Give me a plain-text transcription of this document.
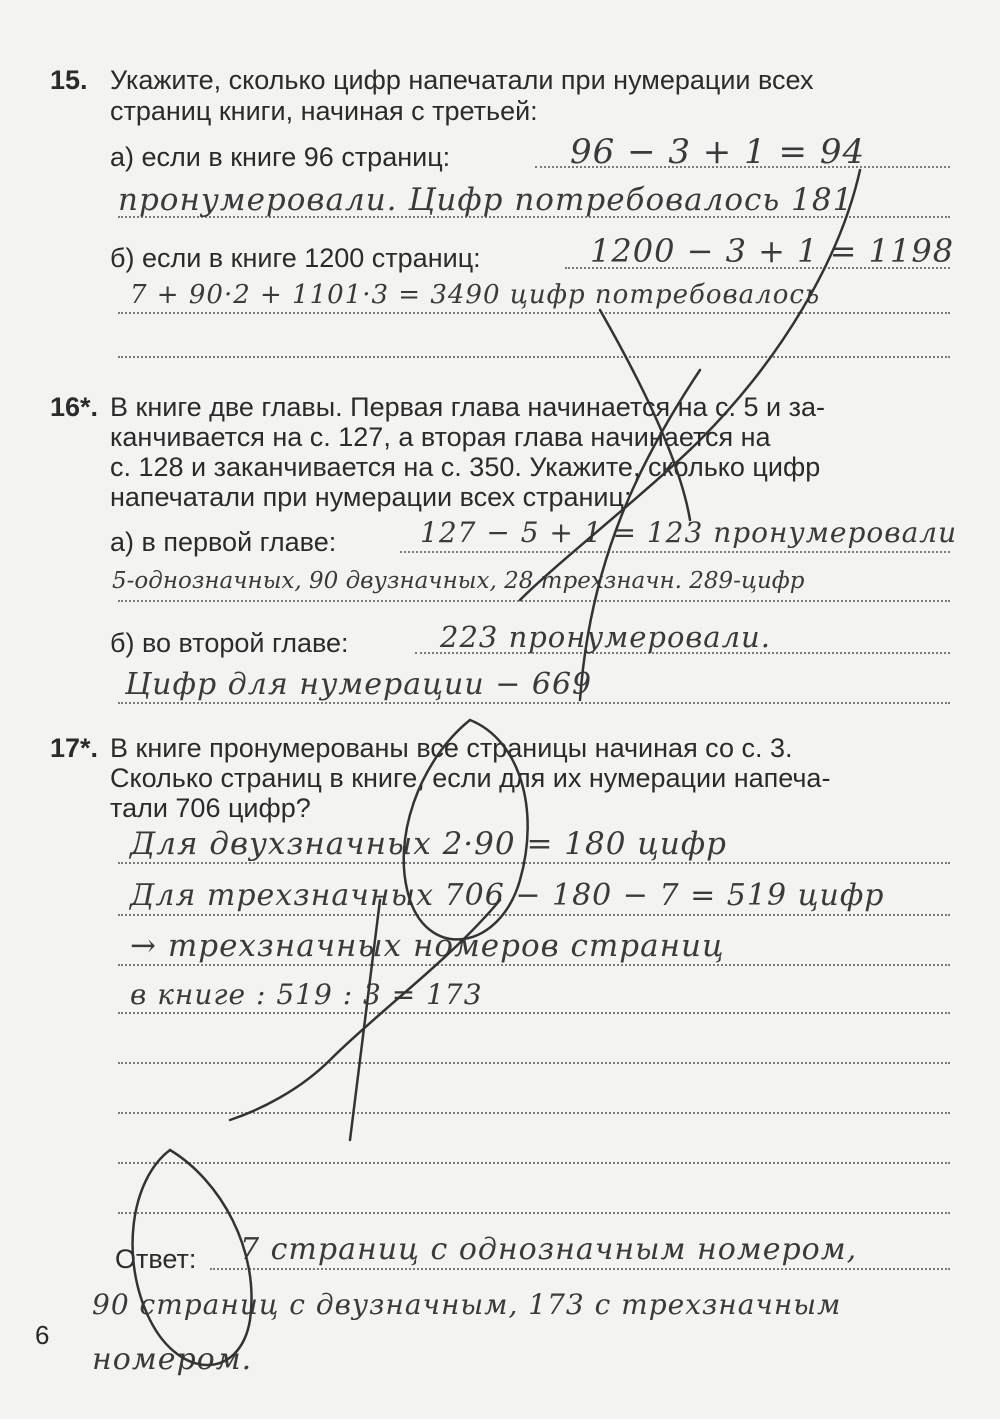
15. Укажите, сколько цифр напечатали при нумерации всех
страниц книги, начиная с третьей:
а) если в книге 96 страниц:	96 − 3 + 1 = 94
пронумеровали. Цифр потребовалось 181
б) если в книге 1200 страниц:	1200 − 3 + 1 = 1198
7 + 90·2 + 1101·3 = 3490 цифр потребовалось
16*. В книге две главы. Первая глава начинается на с. 5 и за-
канчивается на с. 127, а вторая глава начинается на
с. 128 и заканчивается на с. 350. Укажите, сколько цифр
напечатали при нумерации всех страниц:
а) в первой главе:	127 − 5 + 1 = 123 пронумеровали
5-однозначных, 90 двузначных, 28 трехзначн. 289-цифр
б) во второй главе:	223 пронумеровали.
Цифр для нумерации − 669
17*. В книге пронумерованы все страницы начиная со с. 3.
Сколько страниц в книге, если для их нумерации напеча-
тали 706 цифр?
Для двухзначных 2·90 = 180 цифр
Для трехзначных 706 − 180 − 7 = 519 цифр
→ трехзначных номеров страниц
в книге : 519 : 3 = 173
Ответ: 7 страниц с однозначным номером,
90 страниц с двузначным, 173 с трехзначным
номером.
6
